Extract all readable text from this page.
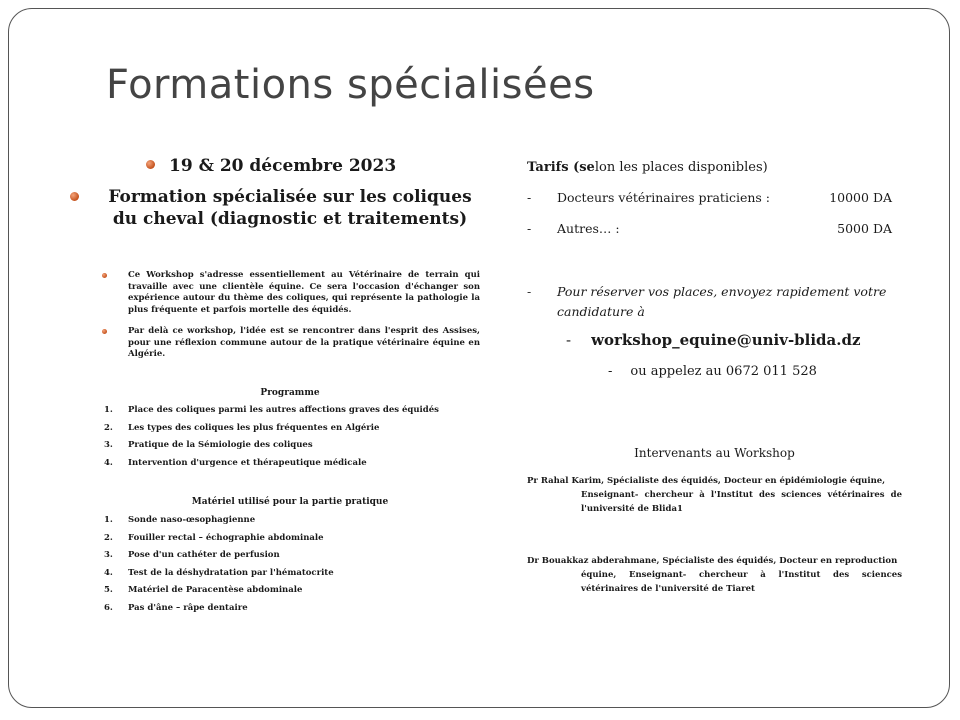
Formations spécialisées
19 & 20 décembre 2023
Formation spécialisée sur les coliques
du cheval (diagnostic et traitements)
Ce Workshop s'adresse essentiellement au Vétérinaire de terrain qui travaille avec une clientèle équine. Ce sera l'occasion d'échanger son expérience autour du thème des coliques, qui représente la pathologie la plus fréquente et parfois mortelle des équidés.
Par delà ce workshop, l'idée est se rencontrer dans l'esprit des Assises, pour une réflexion commune autour de la pratique vétérinaire équine en Algérie.
Programme
1. Place des coliques parmi les autres affections graves des équidés
2. Les types des coliques les plus fréquentes en Algérie
3. Pratique de la Sémiologie des coliques
4. Intervention d'urgence et thérapeutique médicale
Matériel utilisé pour la partie pratique
1. Sonde naso-œsophagienne
2. Fouiller rectal – échographie abdominale
3. Pose d'un cathéter de perfusion
4. Test de la déshydratation par l'hématocrite
5. Matériel de Paracentèse abdominale
6. Pas d'âne – râpe dentaire
Tarifs (selon les places disponibles)
- Docteurs vétérinaires praticiens :	10000 DA
- Autres… :	5000 DA
- Pour réserver vos places, envoyez rapidement votre candidature à
- workshop_equine@univ-blida.dz
- ou appelez au 0672 011 528
Intervenants au Workshop
Pr Rahal Karim, Spécialiste des équidés, Docteur en épidémiologie équine,
Enseignant- chercheur à l'Institut des sciences vétérinaires de l'université de Blida1
Dr Bouakkaz abderahmane, Spécialiste des équidés, Docteur en reproduction
équine, Enseignant- chercheur à l'Institut des sciences vétérinaires de l'université de Tiaret
